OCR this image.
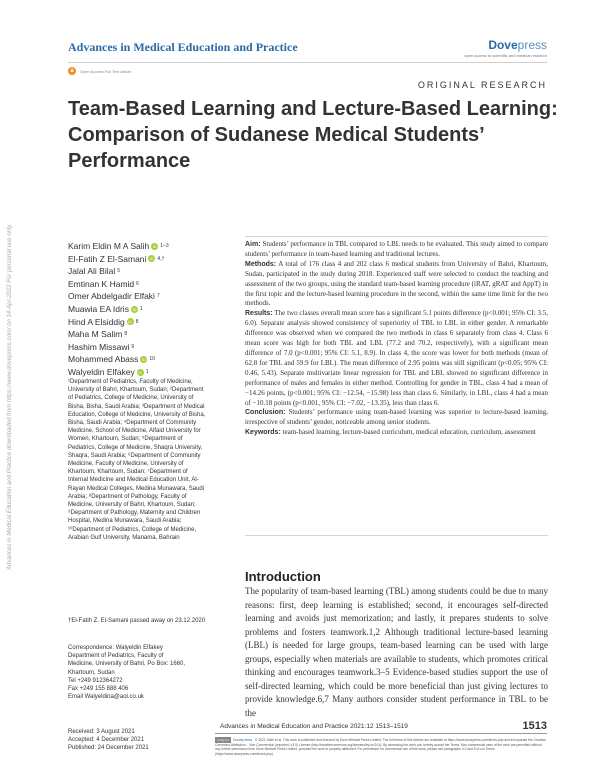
Advances in Medical Education and Practice	Dovepress
open access to scientific and medical research
a	Open Access Full Text Article
ORIGINAL RESEARCH
Team-Based Learning and Lecture-Based Learning: Comparison of Sudanese Medical Students’ Performance
Advances in Medical Education and Practice downloaded from https://www.dovepress.com/ on 14-Apr-2022 For personal use only.	Karim Eldin M A Salih iD 1–3
El-Fatih Z El-Samani iD 4,†
Jalal Ali Bilal 5
Emtinan K Hamid 6
Omer Abdelgadir Elfaki 7
Muawia EA Idris iD 1
Hind A Elsiddig iD 8
Maha M Salim 8
Hashim Missawi 9
Mohammed Abass iD 10
Walyeldin Elfakey iD 1
¹Department of Pediatrics, Faculty of Medicine, University of Bahri, Khartoum, Sudan; ²Department of Pediatrics, College of Medicine, University of Bisha, Bisha, Saudi Arabia; ³Department of Medical Education, College of Medicine, University of Bisha, Bisha, Saudi Arabia; ⁴Department of Community Medicine, School of Medicine, Alfaid University for Women, Khartoum, Sudan; ⁵Department of Pediatrics, College of Medicine, Shaqra University, Shaqra, Saudi Arabia; ⁶Department of Community Medicine, Faculty of Medicine, University of Khartoum, Khartoum, Sudan; ⁷Department of Internal Medicine and Medical Education Unit, Al-Rayan Medical Colleges, Medina Munawara, Saudi Arabia; ⁸Department of Pathology, Faculty of Medicine, University of Bahri, Khartoum, Sudan; ⁹Department of Pathology, Maternity and Children Hospital, Medina Munawara, Saudi Arabia; ¹⁰Department of Pediatrics, College of Medicine, Arabian Gulf University, Manama, Bahrain
†El-Fatih Z. El-Samani passed away on 23.12.2020
Correspondence: Walyeldin Elfakey
Department of Pediatrics, Faculty of
Medicine, University of Bahri, Po Box: 1660,
Khartoum, Sudan
Tel +249 912364272
Fax +249 155 888 406
Email Walyeldina@aol.co.uk

Aim: Students’ performance in TBL compared to LBL needs to be evaluated. This study aimed to compare students’ performance in team-based learning and traditional lectures.

Methods: A total of 176 class 4 and 202 class 6 medical students from University of Bahri, Khartoum, Sudan, participated in the study during 2018. Experienced staff were selected to conduct the teaching and assessment of the two groups, using the standard team-based learning procedure (iRAT, gRAT and AppT) in the first topic and the lecture-based learning procedure in the second, within the same time limit for the two methods.

Results: The two classes overall mean score has a significant 5.1 points difference (p<0.001; 95% CI: 3.5, 6.0). Separate analysis showed consistency of superiority of TBL to LBL in either gender. A remarkable difference was observed when we compared the two methods in class 6 separately from class 4. Class 6 mean score was high for both TBL and LBL (77.2 and 70.2, respectively), with a significant mean difference of 7.0 (p<0.001; 95% CI: 5.1, 8.9). In class 4, the score was lower for both methods (mean of 62.8 for TBL and 59.9 for LBL). The mean difference of 2.95 points was still significant (p<0.05; 95% CI: 0.46, 5.43). Separate multivariate linear regression for TBL and LBL showed no significant difference in performance of males and females in either method. Controlling for gender in TBL, class 4 had a mean of −14.26 points, (p<0.001; 95% CI: −12.54, −15.98) less than class 6. Similarly, in LBL, class 4 had a mean of −10.18 points (p<0.001, 95% CI: −7.02, −13.35), less than class 6.

Conclusion: Students’ performance using team-based learning was superior to lecture-based learning, irrespective of students’ gender, noticeable among senior students.

Keywords: team-based learning, lecture-based curriculum, medical education, curriculum, assessment

Introduction
The popularity of team-based learning (TBL) among students could be due to many reasons: first, deep learning is established; second, it encourages self-directed learning and avoids just memorization; and lastly, it prepares students to solve problems and fosters teamwork.1,2 Although traditional lecture-based learning (LBL) is needed for large groups, team-based learning can be used with large groups, especially when materials are available to students, which promotes critical thinking and encourages teamwork.3–5 Evidence-based studies support the use of self-directed learning, which could be more beneficial than just giving lectures to provide knowledge.6,7 Many authors consider student performance in TBL to be the
Received: 3 August 2021
Accepted: 4 December 2021
Published: 24 December 2021
Advances in Medical Education and Practice 2021:12 1513–1519	1513
cc by-nc Dovepress © 2021 Salih et al. This work is published and licensed by Dove Medical Press Limited. The full terms of this license are available at https://www.dovepress.com/terms.php and incorporate the Creative Commons Attribution – Non Commercial (unported, v3.0) License (http://creativecommons.org/licenses/by-nc/3.0/). By accessing the work you hereby accept the Terms. Non-commercial uses of the work are permitted without any further permission from Dove Medical Press Limited, provided the work is properly attributed. For permission for commercial use of this work, please see paragraphs 4.2 and 5 of our Terms (https://www.dovepress.com/terms.php).
